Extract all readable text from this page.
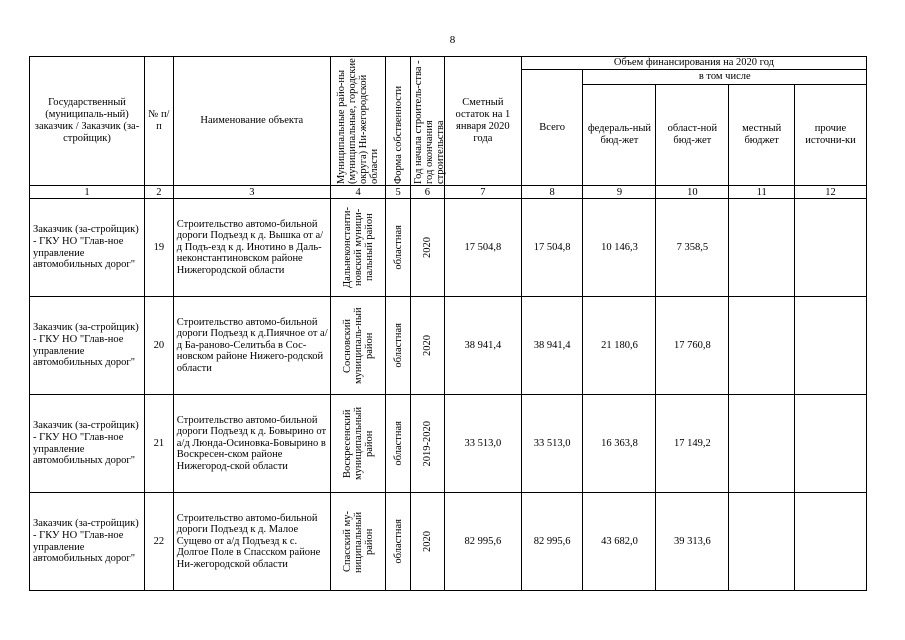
8
Государственный (муниципаль-ный) заказчик / Заказчик (за-стройщик)	№ п/ п	Наименование объекта	Муниципальные райо-ны (муниципальные, городские округа) Ни-жегородской области	Форма собственности	Год начала строитель-ства - год окончания строительства	Сметный остаток на 1 января 2020 года	Объем финансирования на 2020 год				
							Всего	в том числе			
								федераль-ный бюд-жет	област-ной бюд-жет	местный бюджет	прочие источни-ки
1	2	3	4	5	6	7	8	9	10	11	12
Заказчик (за-стройщик) - ГКУ НО "Глав-ное управление автомобильных дорог"	19	Строительство автомо-бильной дороги Подъезд к д. Вышка от а/д Подъ-езд к д. Инотино в Даль-неконстантиновском районе Нижегородской области	Дальнеконстанти-новский муници-пальный район	областная	2020	17 504,8	17 504,8	10 146,3	7 358,5		
Заказчик (за-стройщик) - ГКУ НО "Глав-ное управление автомобильных дорог"	20	Строительство автомо-бильной дороги Подъезд к д.Пиячное от а/д Ба-раново-Селитьба в Сос-новском районе Нижего-родской области	Сосновский муниципаль-ный район	областная	2020	38 941,4	38 941,4	21 180,6	17 760,8		
Заказчик (за-стройщик) - ГКУ НО "Глав-ное управление автомобильных дорог"	21	Строительство автомо-бильной дороги Подъезд к д. Бовырино от а/д Люнда-Осиновка-Бовырино в Воскресен-ском районе Нижегород-ской области	Воскресенский муниципальный район	областная	2019-2020	33 513,0	33 513,0	16 363,8	17 149,2		
Заказчик (за-стройщик) - ГКУ НО "Глав-ное управление автомобильных дорог"	22	Строительство автомо-бильной дороги Подъезд к д. Малое Сущево от а/д Подъезд к с. Долгое Поле в Спасском районе Ни-жегородской области	Спасский му-ниципальный район	областная	2020	82 995,6	82 995,6	43 682,0	39 313,6		
